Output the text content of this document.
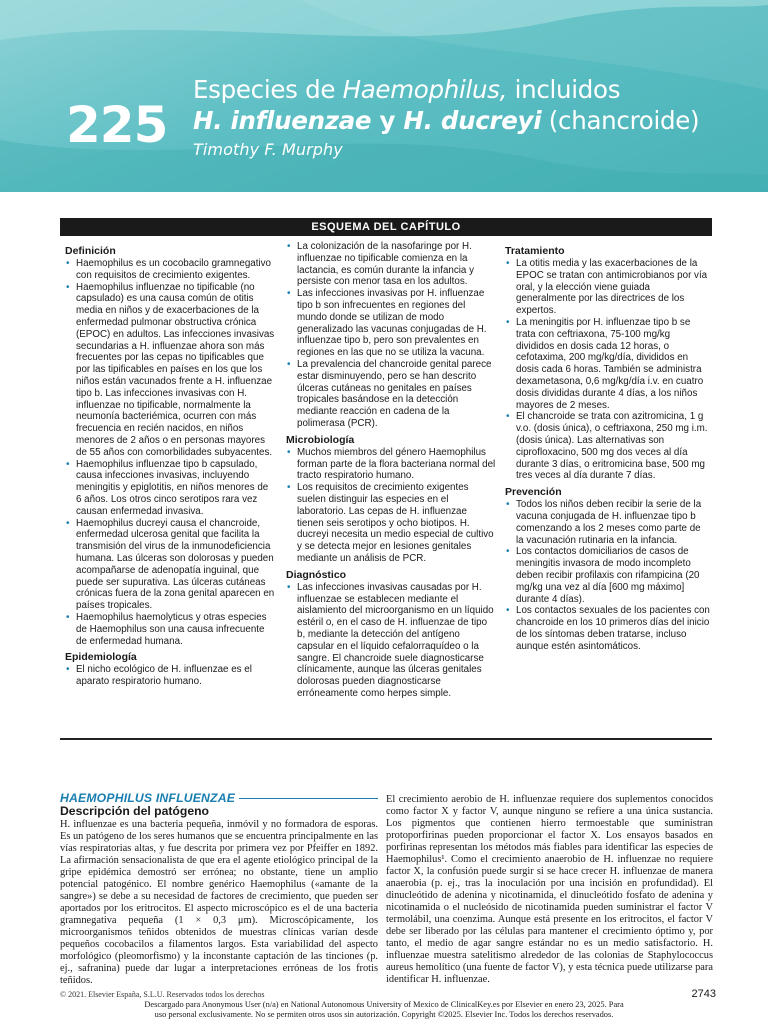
225
Especies de Haemophilus, incluidos
H. influenzae y H. ducreyi (chancroide)
Timothy F. Murphy
ESQUEMA DEL CAPÍTULO
Definición
• Haemophilus es un cocobacilo gramnegativo con requisitos de crecimiento exigentes.
• Haemophilus influenzae no tipificable (no capsulado) es una causa común de otitis media en niños y de exacerbaciones de la enfermedad pulmonar obstructiva crónica (EPOC) en adultos. Las infecciones invasivas secundarias a H. influenzae ahora son más frecuentes por las cepas no tipificables que por las tipificables en países en los que los niños están vacunados frente a H. influenzae tipo b. Las infecciones invasivas con H. influenzae no tipificable, normalmente la neumonía bacteriémica, ocurren con más frecuencia en recién nacidos, en niños menores de 2 años o en personas mayores de 55 años con comorbilidades subyacentes.
• Haemophilus influenzae tipo b capsulado, causa infecciones invasivas, incluyendo meningitis y epiglotitis, en niños menores de 6 años. Los otros cinco serotipos rara vez causan enfermedad invasiva.
• Haemophilus ducreyi causa el chancroide, enfermedad ulcerosa genital que facilita la transmisión del virus de la inmunodeficiencia humana. Las úlceras son dolorosas y pueden acompañarse de adenopatía inguinal, que puede ser supurativa. Las úlceras cutáneas crónicas fuera de la zona genital aparecen en países tropicales.
• Haemophilus haemolyticus y otras especies de Haemophilus son una causa infrecuente de enfermedad humana.
Epidemiología
• El nicho ecológico de H. influenzae es el aparato respiratorio humano.
• La colonización de la nasofaringe por H. influenzae no tipificable comienza en la lactancia, es común durante la infancia y persiste con menor tasa en los adultos.
• Las infecciones invasivas por H. influenzae tipo b son infrecuentes en regiones del mundo donde se utilizan de modo generalizado las vacunas conjugadas de H. influenzae tipo b, pero son prevalentes en regiones en las que no se utiliza la vacuna.
• La prevalencia del chancroide genital parece estar disminuyendo, pero se han descrito úlceras cutáneas no genitales en países tropicales basándose en la detección mediante reacción en cadena de la polimerasa (PCR).
Microbiología
• Muchos miembros del género Haemophilus forman parte de la flora bacteriana normal del tracto respiratorio humano.
• Los requisitos de crecimiento exigentes suelen distinguir las especies en el laboratorio. Las cepas de H. influenzae tienen seis serotipos y ocho biotipos. H. ducreyi necesita un medio especial de cultivo y se detecta mejor en lesiones genitales mediante un análisis de PCR.
Diagnóstico
• Las infecciones invasivas causadas por H. influenzae se establecen mediante el aislamiento del microorganismo en un líquido estéril o, en el caso de H. influenzae de tipo b, mediante la detección del antígeno capsular en el líquido cefalorraquídeo o la sangre. El chancroide suele diagnosticarse clínicamente, aunque las úlceras genitales dolorosas pueden diagnosticarse erróneamente como herpes simple.
Tratamiento
• La otitis media y las exacerbaciones de la EPOC se tratan con antimicrobianos por vía oral, y la elección viene guiada generalmente por las directrices de los expertos.
• La meningitis por H. influenzae tipo b se trata con ceftriaxona, 75-100 mg/kg divididos en dosis cada 12 horas, o cefotaxima, 200 mg/kg/día, divididos en dosis cada 6 horas. También se administra dexametasona, 0,6 mg/kg/día i.v. en cuatro dosis divididas durante 4 días, a los niños mayores de 2 meses.
• El chancroide se trata con azitromicina, 1 g v.o. (dosis única), o ceftriaxona, 250 mg i.m. (dosis única). Las alternativas son ciprofloxacino, 500 mg dos veces al día durante 3 días, o eritromicina base, 500 mg tres veces al día durante 7 días.
Prevención
• Todos los niños deben recibir la serie de la vacuna conjugada de H. influenzae tipo b comenzando a los 2 meses como parte de la vacunación rutinaria en la infancia.
• Los contactos domiciliarios de casos de meningitis invasora de modo incompleto deben recibir profilaxis con rifampicina (20 mg/kg una vez al día [600 mg máximo] durante 4 días).
• Los contactos sexuales de los pacientes con chancroide en los 10 primeros días del inicio de los síntomas deben tratarse, incluso aunque estén asintomáticos.
HAEMOPHILUS INFLUENZAE
Descripción del patógeno

H. influenzae es una bacteria pequeña, inmóvil y no formadora de esporas. Es un patógeno de los seres humanos que se encuentra principalmente en las vías respiratorias altas, y fue descrita por primera vez por Pfeiffer en 1892. La afirmación sensacionalista de que era el agente etiológico principal de la gripe epidémica demostró ser errónea; no obstante, tiene un amplio potencial patogénico. El nombre genérico Haemophilus («amante de la sangre») se debe a su necesidad de factores de crecimiento, que pueden ser aportados por los eritrocitos. El aspecto microscópico es el de una bacteria gramnegativa pequeña (1 × 0,3 μm). Microscópicamente, los microorganismos teñidos obtenidos de muestras clínicas varían desde pequeños cocobacilos a filamentos largos. Esta variabilidad del aspecto morfológico (pleomorfismo) y la inconstante captación de las tinciones (p. ej., safranina) puede dar lugar a interpretaciones erróneas de los frotis teñidos.

El crecimiento aerobio de H. influenzae requiere dos suplementos conocidos como factor X y factor V, aunque ninguno se refiere a una única sustancia. Los pigmentos que contienen hierro termoestable que suministran protoporfirinas pueden proporcionar el factor X. Los ensayos basados en porfirinas representan los métodos más fiables para identificar las especies de Haemophilus¹. Como el crecimiento anaerobio de H. influenzae no requiere factor X, la confusión puede surgir si se hace crecer H. influenzae de manera anaerobia (p. ej., tras la inoculación por una incisión en profundidad). El dinucleótido de adenina y nicotinamida, el dinucleótido fosfato de adenina y nicotinamida o el nucleósido de nicotinamida pueden suministrar el factor V termolábil, una coenzima. Aunque está presente en los eritrocitos, el factor V debe ser liberado por las células para mantener el crecimiento óptimo y, por tanto, el medio de agar sangre estándar no es un medio satisfactorio. H. influenzae muestra satelitismo alrededor de las colonias de Staphylococcus aureus hemolítico (una fuente de factor V), y esta técnica puede utilizarse para identificar H. influenzae.

© 2021. Elsevier España, S.L.U. Reservados todos los derechos	2743
Descargado para Anonymous User (n/a) en National Autonomous University of Mexico de ClinicalKey.es por Elsevier en enero 23, 2025. Para
uso personal exclusivamente. No se permiten otros usos sin autorización. Copyright ©2025. Elsevier Inc. Todos los derechos reservados.
